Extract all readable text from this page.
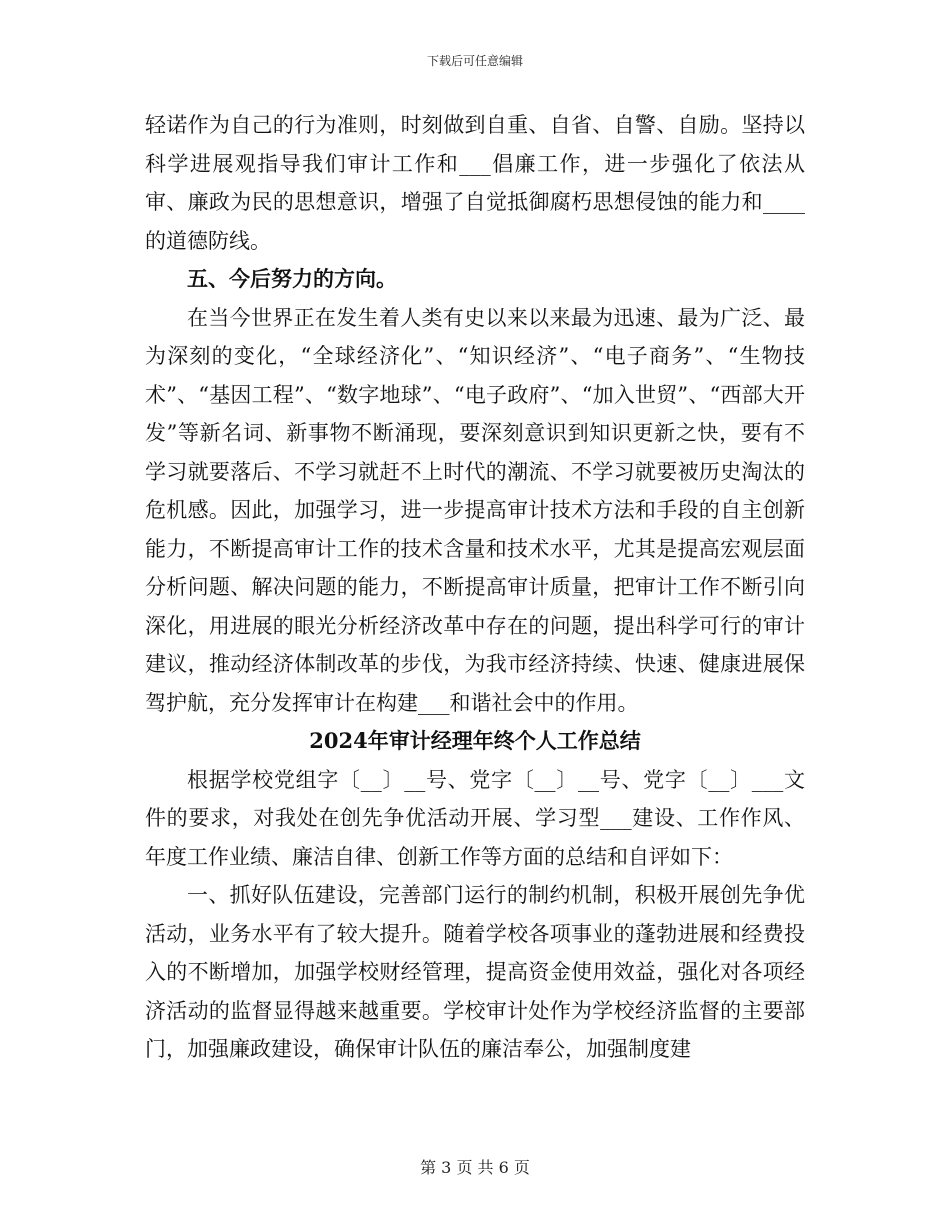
下载后可任意编辑

轻诺作为自己的行为准则，时刻做到自重、自省、自警、自励。坚持以科学进展观指导我们审计工作和___倡廉工作，进一步强化了依法从审、廉政为民的思想意识，增强了自觉抵御腐朽思想侵蚀的能力和____的道德防线。

五、今后努力的方向。

在当今世界正在发生着人类有史以来以来最为迅速、最为广泛、最为深刻的变化，“全球经济化”、“知识经济”、“电子商务”、“生物技术”、“基因工程”、“数字地球”、“电子政府”、“加入世贸”、“西部大开发”等新名词、新事物不断涌现，要深刻意识到知识更新之快，要有不学习就要落后、不学习就赶不上时代的潮流、不学习就要被历史淘汰的危机感。因此，加强学习，进一步提高审计技术方法和手段的自主创新能力，不断提高审计工作的技术含量和技术水平，尤其是提高宏观层面分析问题、解决问题的能力，不断提高审计质量，把审计工作不断引向深化，用进展的眼光分析经济改革中存在的问题，提出科学可行的审计建议，推动经济体制改革的步伐，为我市经济持续、快速、健康进展保驾护航，充分发挥审计在构建___和谐社会中的作用。

2024年审计经理年终个人工作总结

根据学校党组字〔__〕__号、党字〔__〕__号、党字〔__〕___文件的要求，对我处在创先争优活动开展、学习型___建设、工作作风、年度工作业绩、廉洁自律、创新工作等方面的总结和自评如下：

一、抓好队伍建设，完善部门运行的制约机制，积极开展创先争优活动，业务水平有了较大提升。随着学校各项事业的蓬勃进展和经费投入的不断增加，加强学校财经管理，提高资金使用效益，强化对各项经济活动的监督显得越来越重要。学校审计处作为学校经济监督的主要部门，加强廉政建设，确保审计队伍的廉洁奉公，加强制度建

第 3 页 共 6 页
